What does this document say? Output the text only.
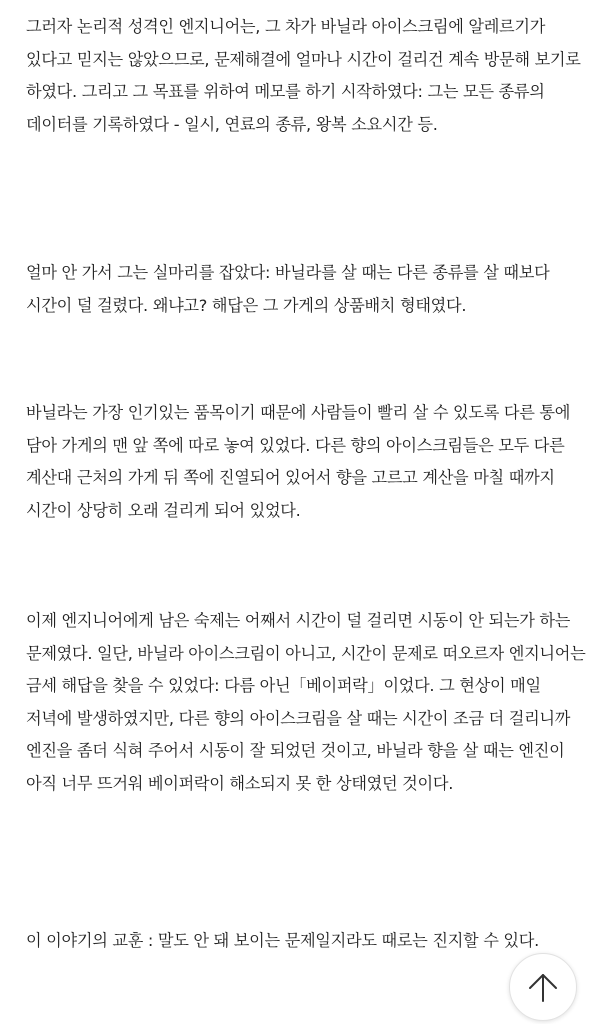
그러자 논리적 성격인 엔지니어는, 그 차가 바닐라 아이스크림에 알레르기가 있다고 믿지는 않았으므로, 문제해결에 얼마나 시간이 걸리건 계속 방문해 보기로 하였다. 그리고 그 목표를 위하여 메모를 하기 시작하였다: 그는 모든 종류의 데이터를 기록하였다 - 일시, 연료의 종류, 왕복 소요시간 등.

얼마 안 가서 그는 실마리를 잡았다: 바닐라를 살 때는 다른 종류를 살 때보다 시간이 덜 걸렸다. 왜냐고? 해답은 그 가게의 상품배치 형태였다.

바닐라는 가장 인기있는 품목이기 때문에 사람들이 빨리 살 수 있도록 다른 통에 담아 가게의 맨 앞 쪽에 따로 놓여 있었다. 다른 향의 아이스크림들은 모두 다른 계산대 근처의 가게 뒤 쪽에 진열되어 있어서 향을 고르고 계산을 마칠 때까지 시간이 상당히 오래 걸리게 되어 있었다.

이제 엔지니어에게 남은 숙제는 어째서 시간이 덜 걸리면 시동이 안 되는가 하는 문제였다. 일단, 바닐라 아이스크림이 아니고, 시간이 문제로 떠오르자 엔지니어는 금세 해답을 찾을 수 있었다: 다름 아닌「베이퍼락」이었다. 그 현상이 매일 저녁에 발생하였지만, 다른 향의 아이스크림을 살 때는 시간이 조금 더 걸리니까 엔진을 좀더 식혀 주어서 시동이 잘 되었던 것이고, 바닐라 향을 살 때는 엔진이 아직 너무 뜨거워 베이퍼락이 해소되지 못 한 상태였던 것이다.

이 이야기의 교훈 : 말도 안 돼 보이는 문제일지라도 때로는 진지할 수 있다.
